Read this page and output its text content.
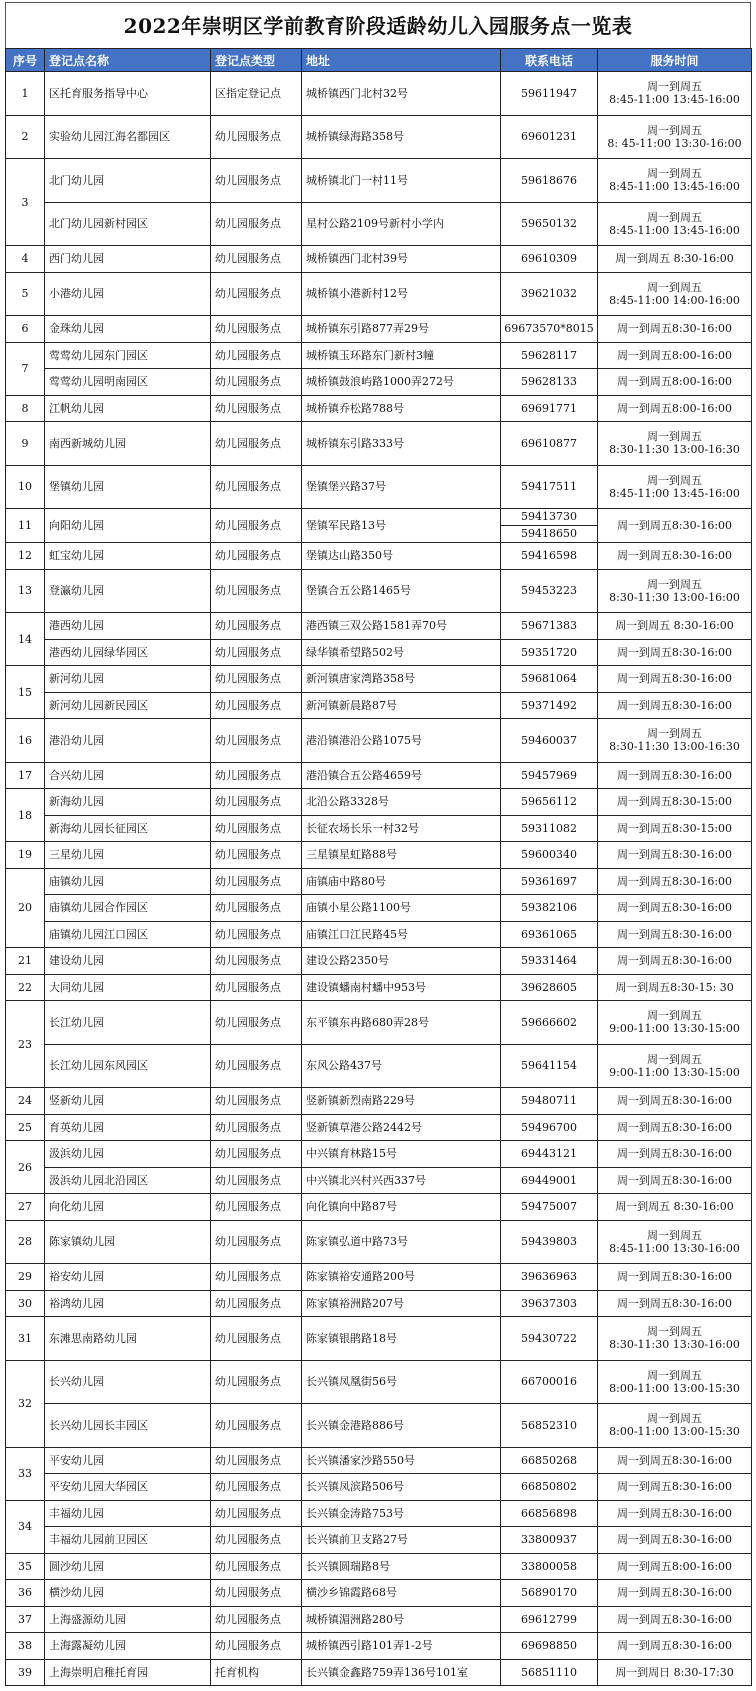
2022年崇明区学前教育阶段适龄幼儿入园服务点一览表
序号	登记点名称	登记点类型	地址	联系电话	服务时间
1	区托育服务指导中心	区指定登记点	城桥镇西门北村32号	59611947	周一到周五
8:45-11:00 13:45-16:00

2	实验幼儿园江海名都园区	幼儿园服务点	城桥镇绿海路358号	69601231	周一到周五
8: 45-11:00 13:30-16:00

3	北门幼儿园	幼儿园服务点	城桥镇北门一村11号	59618676	周一到周五
8:45-11:00 13:45-16:00

	北门幼儿园新村园区	幼儿园服务点	星村公路2109号新村小学内	59650132	周一到周五
8:45-11:00 13:45-16:00

4	西门幼儿园	幼儿园服务点	城桥镇西门北村39号	69610309	周一到周五 8:30-16:00

5	小港幼儿园	幼儿园服务点	城桥镇小港新村12号	39621032	周一到周五
8:45-11:00 14:00-16:00

6	金珠幼儿园	幼儿园服务点	城桥镇东引路877弄29号	69673570*8015	周一到周五8:30-16:00

7	莺莺幼儿园东门园区	幼儿园服务点	城桥镇玉环路东门新村3幢	59628117	周一到周五8:00-16:00

	莺莺幼儿园明南园区	幼儿园服务点	城桥镇鼓浪屿路1000弄272号	59628133	周一到周五8:00-16:00

8	江帆幼儿园	幼儿园服务点	城桥镇乔松路788号	69691771	周一到周五8:00-16:00

9	南西新城幼儿园	幼儿园服务点	城桥镇东引路333号	69610877	周一到周五
8:30-11:30 13:00-16:30

10	堡镇幼儿园	幼儿园服务点	堡镇堡兴路37号	59417511	周一到周五
8:45-11:00 13:45-16:00

11	向阳幼儿园	幼儿园服务点	堡镇军民路13号	59413730
59418650	周一到周五8:30-16:00

12	虹宝幼儿园	幼儿园服务点	堡镇达山路350号	59416598	周一到周五8:30-16:00

13	登瀛幼儿园	幼儿园服务点	堡镇合五公路1465号	59453223	周一到周五
8:30-11:30 13:00-16:00

14	港西幼儿园	幼儿园服务点	港西镇三双公路1581弄70号	59671383	周一到周五 8:30-16:00

	港西幼儿园绿华园区	幼儿园服务点	绿华镇希望路502号	59351720	周一到周五8:30-16:00

15	新河幼儿园	幼儿园服务点	新河镇唐家湾路358号	59681064	周一到周五8:30-16:00

	新河幼儿园新民园区	幼儿园服务点	新河镇新晨路87号	59371492	周一到周五8:30-16:00

16	港沿幼儿园	幼儿园服务点	港沿镇港沿公路1075号	59460037	周一到周五
8:30-11:30 13:00-16:30

17	合兴幼儿园	幼儿园服务点	港沿镇合五公路4659号	59457969	周一到周五8:30-16:00

18	新海幼儿园	幼儿园服务点	北沿公路3328号	59656112	周一到周五8:30-15:00

	新海幼儿园长征园区	幼儿园服务点	长征农场长乐一村32号	59311082	周一到周五8:30-15:00

19	三星幼儿园	幼儿园服务点	三星镇星虹路88号	59600340	周一到周五8:30-16:00

20	庙镇幼儿园	幼儿园服务点	庙镇庙中路80号	59361697	周一到周五8:30-16:00

	庙镇幼儿园合作园区	幼儿园服务点	庙镇小星公路1100号	59382106	周一到周五8:30-16:00

	庙镇幼儿园江口园区	幼儿园服务点	庙镇江口江民路45号	69361065	周一到周五8:30-16:00

21	建设幼儿园	幼儿园服务点	建设公路2350号	59331464	周一到周五8:30-16:00

22	大同幼儿园	幼儿园服务点	建设镇蟠南村蟠中953号	39628605	周一到周五8:30-15: 30

23	长江幼儿园	幼儿园服务点	东平镇东冉路680弄28号	59666602	周一到周五
9:00-11:00 13:30-15:00

	长江幼儿园东风园区	幼儿园服务点	东风公路437号	59641154	周一到周五
9:00-11:00 13:30-15:00

24	竖新幼儿园	幼儿园服务点	竖新镇新烈南路229号	59480711	周一到周五8:30-16:00

25	育英幼儿园	幼儿园服务点	竖新镇草港公路2442号	59496700	周一到周五8:30-16:00

26	汲浜幼儿园	幼儿园服务点	中兴镇育林路15号	69443121	周一到周五8:30-16:00

	汲浜幼儿园北沿园区	幼儿园服务点	中兴镇北兴村兴西337号	69449001	周一到周五8:30-16:00

27	向化幼儿园	幼儿园服务点	向化镇向中路87号	59475007	周一到周五 8:30-16:00

28	陈家镇幼儿园	幼儿园服务点	陈家镇弘道中路73号	59439803	周一到周五
8:45-11:00 13:30-16:00

29	裕安幼儿园	幼儿园服务点	陈家镇裕安通路200号	39636963	周一到周五8:30-16:00

30	裕鸿幼儿园	幼儿园服务点	陈家镇裕洲路207号	39637303	周一到周五8:30-16:00

31	东滩思南路幼儿园	幼儿园服务点	陈家镇银鹃路18号	59430722	周一到周五
8:30-11:30 13:30-16:00

32	长兴幼儿园	幼儿园服务点	长兴镇凤凰街56号	66700016	周一到周五
8:00-11:00 13:00-15:30

	长兴幼儿园长丰园区	幼儿园服务点	长兴镇金港路886号	56852310	周一到周五
8:00-11:00 13:00-15:30

33	平安幼儿园	幼儿园服务点	长兴镇潘家沙路550号	66850268	周一到周五8:30-16:00

	平安幼儿园大华园区	幼儿园服务点	长兴镇凤滨路506号	66850802	周一到周五8:30-16:00

34	丰福幼儿园	幼儿园服务点	长兴镇金涛路753号	66856898	周一到周五8:30-16:00

	丰福幼儿园前卫园区	幼儿园服务点	长兴镇前卫支路27号	33800937	周一到周五8:30-16:00

35	圆沙幼儿园	幼儿园服务点	长兴镇圆瑞路8号	33800058	周一到周五8:00-16:00

36	横沙幼儿园	幼儿园服务点	横沙乡锦霞路68号	56890170	周一到周五8:30-16:00

37	上海盛源幼儿园	幼儿园服务点	城桥镇湄洲路280号	69612799	周一到周五8:30-16:00

38	上海露凝幼儿园	幼儿园服务点	城桥镇西引路101弄1-2号	69698850	周一到周五8:30-16:00

39	上海崇明启稚托育园	托育机构	长兴镇金鑫路759弄136号101室	56851110	周一到周日 8:30-17:30
